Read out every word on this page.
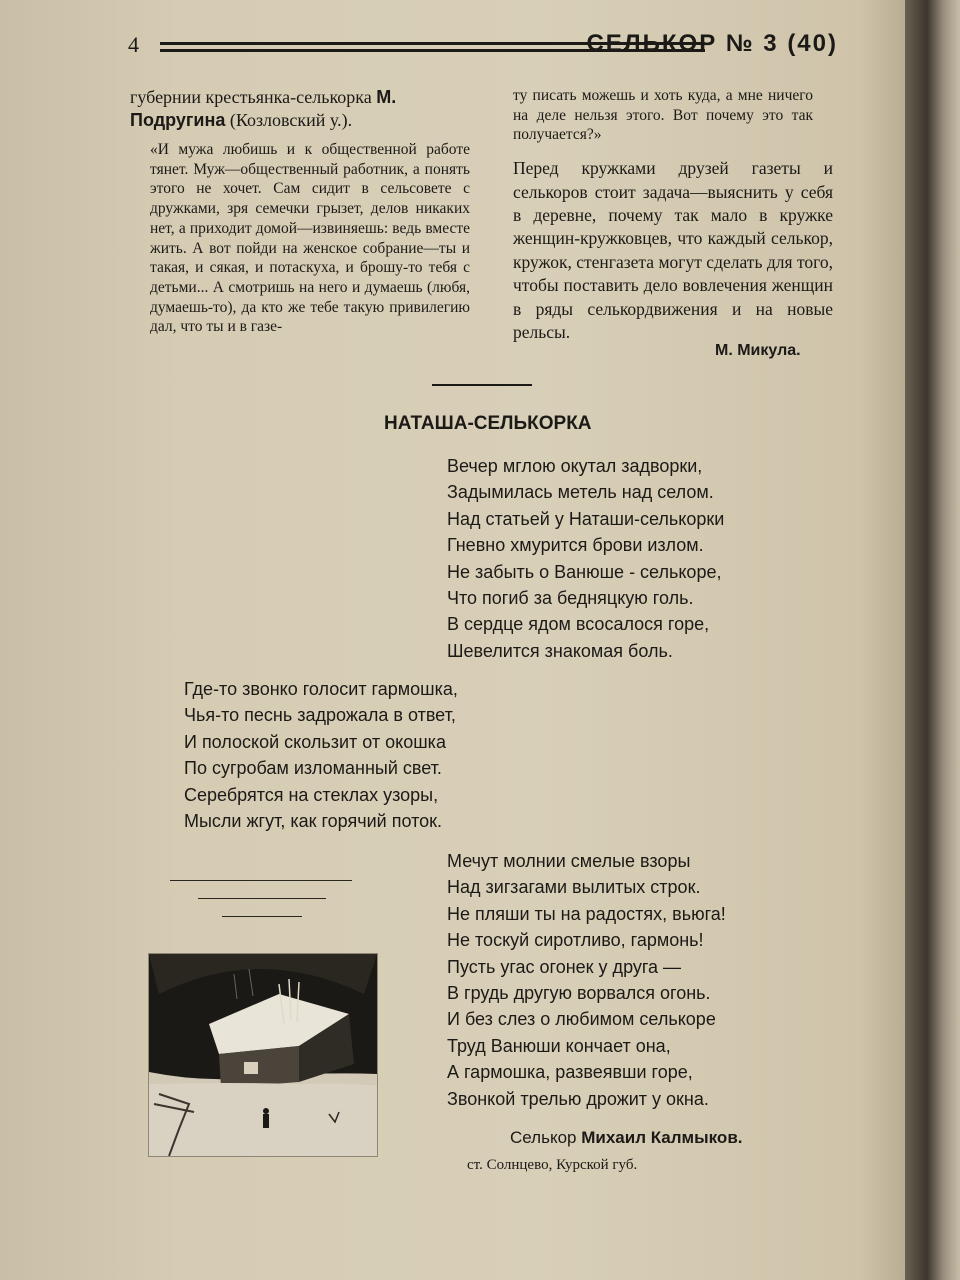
4	СЕЛЬКОР № 3 (40)

губернии крестьянка-селькорка М. Подругина (Козловский у.).

«И мужа любишь и к общественной работе тянет. Муж—общественный работник, а понять этого не хочет. Сам сидит в сельсовете с дружками, зря семечки грызет, делов никаких нет, а приходит домой—извиняешь: ведь вместе жить. А вот пойди на женское собрание—ты и такая, и сякая, и потаскуха, и брошу-то тебя с детьми... А смотришь на него и думаешь (любя, думаешь-то), да кто же тебе такую привилегию дал, что ты и в газе-

ту писать можешь и хоть куда, а мне ничего на деле нельзя этого. Вот почему это так получается?»

Перед кружками друзей газеты и селькоров стоит задача—выяснить у себя в деревне, почему так мало в кружке женщин-кружковцев, что каждый селькор, кружок, стенгазета могут сделать для того, чтобы поставить дело вовлечения женщин в ряды селькордвижения и на новые рельсы.

М. Микула.
НАТАША-СЕЛЬКОРКА
Вечер мглою окутал задворки,
Задымилась метель над селом.
Над статьей у Наташи-селькорки
Гневно хмурится брови излом.
Не забыть о Ванюше - селькоре,
Что погиб за бедняцкую голь.
В сердце ядом всосалося горе,
Шевелится знакомая боль.
Где-то звонко голосит гармошка,
Чья-то песнь задрожала в ответ,
И полоской скользит от окошка
По сугробам изломанный свет.
Серебрятся на стеклах узоры,
Мысли жгут, как горячий поток.
Мечут молнии смелые взоры
Над зигзагами вылитых строк.
Не пляши ты на радостях, вьюга!
Не тоскуй сиротливо, гармонь!
Пусть угас огонек у друга —
В грудь другую ворвался огонь.
И без слез о любимом селькоре
Труд Ванюши кончает она,
А гармошка, развеявши горе,
Звонкой трелью дрожит у окна.
Селькор Михаил Калмыков.
ст. Солнцево, Курской губ.
